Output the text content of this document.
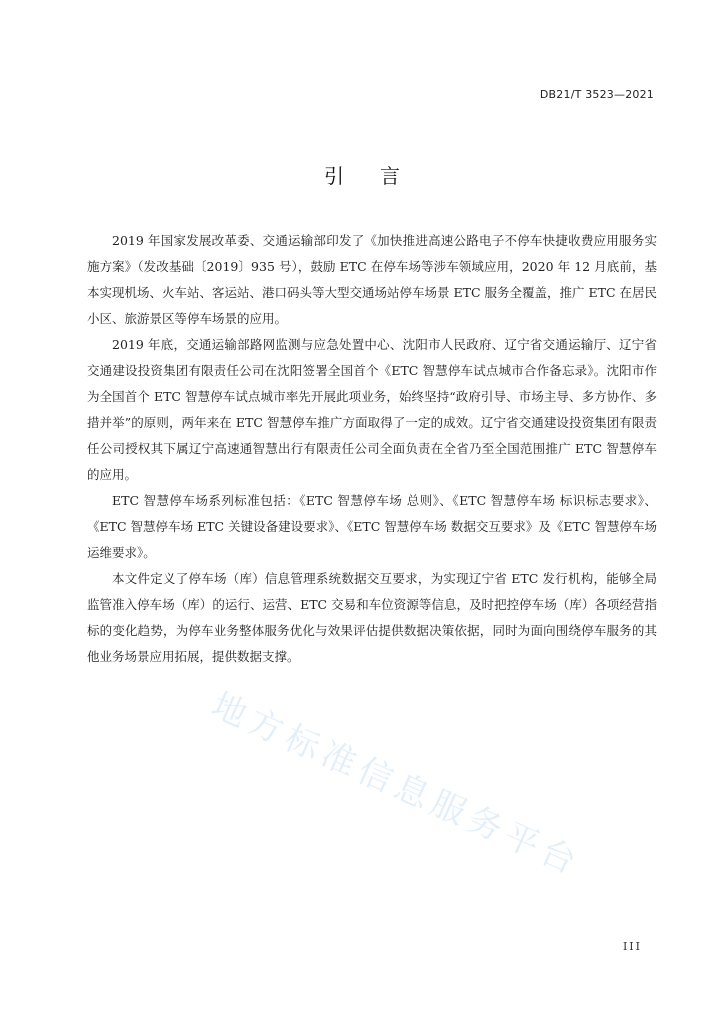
DB21/T 3523—2021
引言

2019 年国家发展改革委、交通运输部印发了《加快推进高速公路电子不停车快捷收费应用服务实施方案》（发改基础〔2019〕935 号），鼓励 ETC 在停车场等涉车领域应用，2020 年 12 月底前，基本实现机场、火车站、客运站、港口码头等大型交通场站停车场景 ETC 服务全覆盖，推广 ETC 在居民小区、旅游景区等停车场景的应用。

2019 年底，交通运输部路网监测与应急处置中心、沈阳市人民政府、辽宁省交通运输厅、辽宁省交通建设投资集团有限责任公司在沈阳签署全国首个《ETC 智慧停车试点城市合作备忘录》。沈阳市作为全国首个 ETC 智慧停车试点城市率先开展此项业务，始终坚持“政府引导、市场主导、多方协作、多措并举”的原则，两年来在 ETC 智慧停车推广方面取得了一定的成效。辽宁省交通建设投资集团有限责任公司授权其下属辽宁高速通智慧出行有限责任公司全面负责在全省乃至全国范围推广 ETC 智慧停车的应用。

ETC 智慧停车场系列标准包括：《ETC 智慧停车场 总则》、《ETC 智慧停车场 标识标志要求》、《ETC 智慧停车场 ETC 关键设备建设要求》、《ETC 智慧停车场 数据交互要求》及《ETC 智慧停车场 运维要求》。

本文件定义了停车场（库）信息管理系统数据交互要求，为实现辽宁省 ETC 发行机构，能够全局监管准入停车场（库）的运行、运营、ETC 交易和车位资源等信息，及时把控停车场（库）各项经营指标的变化趋势，为停车业务整体服务优化与效果评估提供数据决策依据，同时为面向围绕停车服务的其他业务场景应用拓展，提供数据支撑。

地方标准信息服务平台
III
